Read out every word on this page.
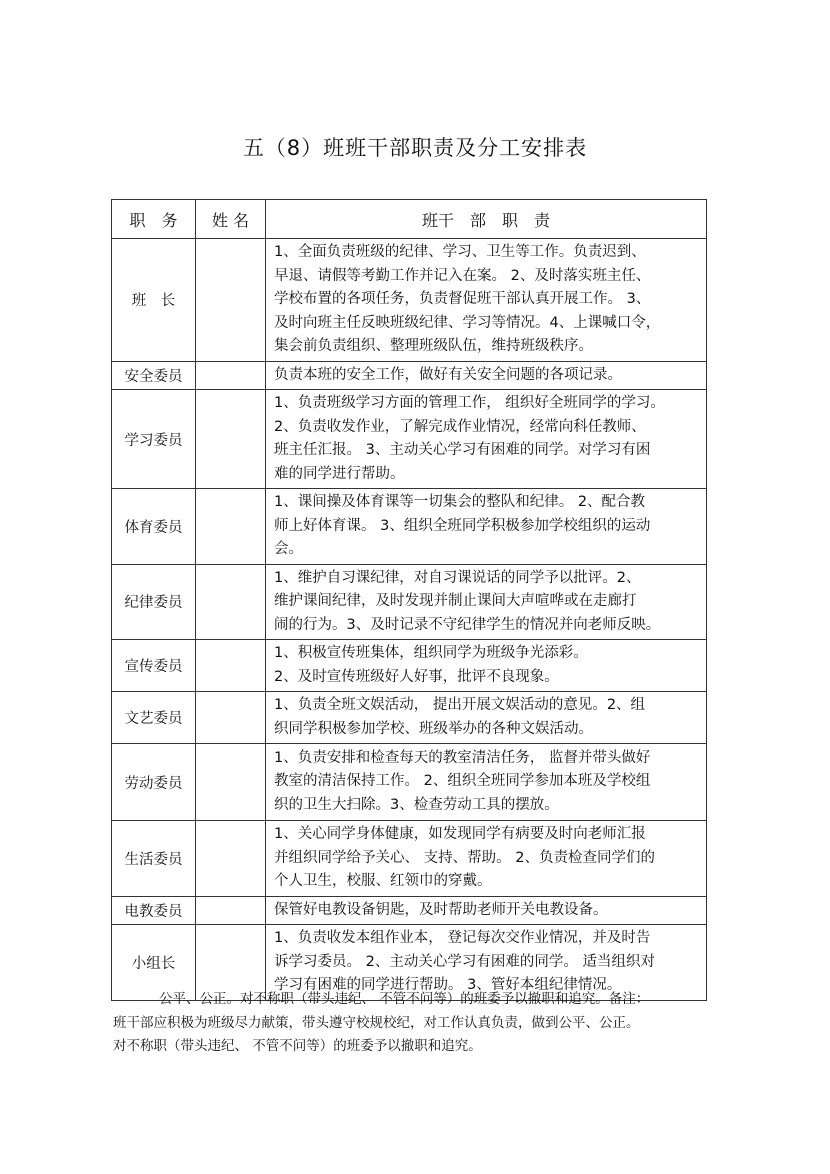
五（8）班班干部职责及分工安排表
职　务	姓 名	班干　部　职　责
班　长		1、全面负责班级的纪律、学习、卫生等工作。负责迟到、
早退、请假等考勤工作并记入在案。 2、及时落实班主任、
学校布置的各项任务，负责督促班干部认真开展工作。 3、
及时向班主任反映班级纪律、学习等情况。4、上课喊口令，
集会前负责组织、整理班级队伍，维持班级秩序。

安全委员		负责本班的安全工作，做好有关安全问题的各项记录。

学习委员		1、负责班级学习方面的管理工作， 组织好全班同学的学习。
2、负责收发作业，了解完成作业情况，经常向科任教师、
班主任汇报。 3、主动关心学习有困难的同学。对学习有困
难的同学进行帮助。

体育委员		1、课间操及体育课等一切集会的整队和纪律。 2、配合教
师上好体育课。 3、组织全班同学积极参加学校组织的运动
会。

纪律委员		1、维护自习课纪律，对自习课说话的同学予以批评。2、
维护课间纪律，及时发现并制止课间大声喧哗或在走廊打
闹的行为。3、及时记录不守纪律学生的情况并向老师反映。

宣传委员		1、积极宣传班集体，组织同学为班级争光添彩。
2、及时宣传班级好人好事，批评不良现象。

文艺委员		1、负责全班文娱活动， 提出开展文娱活动的意见。2、组
织同学积极参加学校、班级举办的各种文娱活动。

劳动委员		1、负责安排和检查每天的教室清洁任务， 监督并带头做好
教室的清洁保持工作。 2、组织全班同学参加本班及学校组
织的卫生大扫除。3、检查劳动工具的摆放。

生活委员		1、关心同学身体健康，如发现同学有病要及时向老师汇报
并组织同学给予关心、 支持、帮助。 2、负责检查同学们的
个人卫生，校服、红领巾的穿戴。

电教委员		保管好电教设备钥匙，及时帮助老师开关电教设备。

小组长		1、负责收发本组作业本， 登记每次交作业情况，并及时告
诉学习委员。 2、主动关心学习有困难的同学。 适当组织对
学习有困难的同学进行帮助。 3、管好本组纪律情况。
公平、公正。对不称职（带头违纪、 不管不问等）的班委予以撤职和追究。备注：
班干部应积极为班级尽力献策，带头遵守校规校纪，对工作认真负责，做到公平、公正。
对不称职（带头违纪、 不管不问等）的班委予以撤职和追究。
